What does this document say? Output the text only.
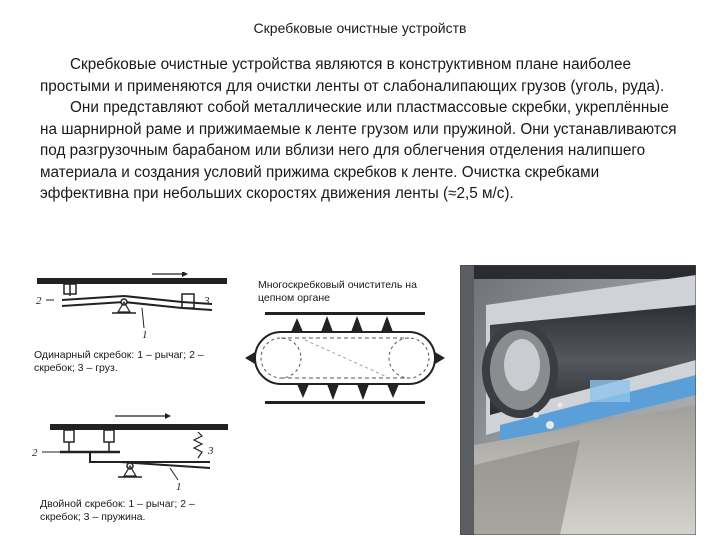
Скребковые очистные устройств

Скребковые очистные устройства являются в конструктивном плане наиболее простыми и применяются для очистки ленты от слабоналипающих грузов (уголь, руда).

Они представляют собой металлические или пластмассовые скребки, укреплённые на шарнирной раме и прижимаемые к ленте грузом или пружиной. Они устанавливаются под разгрузочным барабаном или вблизи него для облегчения отделения налипшего материала и создания условий прижима скребков к ленте. Очистка скребками эффективна при небольших скоростях движения ленты (≈2,5 м/с).

2	3
1
Одинарный скребок: 1 – рычаг; 2 – скребок; 3 – груз.
2	3
1
Двойной скребок: 1 – рычаг; 2 – скребок; 3 – пружина.
Многоскребковый очиститель на цепном органе
